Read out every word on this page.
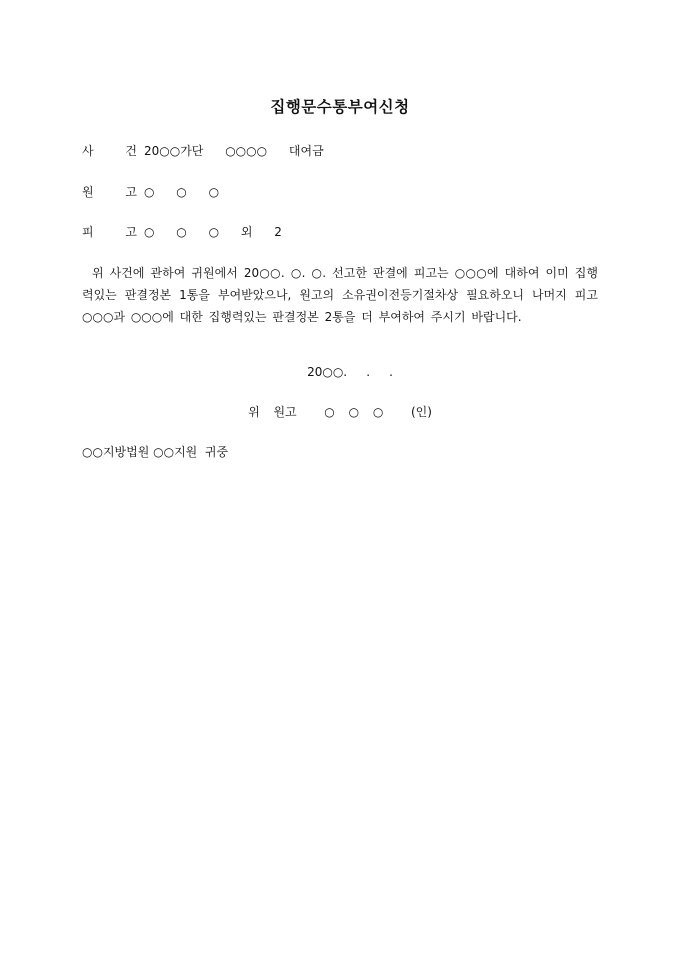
집행문수통부여신청
사 건
20○○가단 ○○○○ 대여금
원 고
○ ○ ○
피 고
○ ○ ○ 외 2

위 사건에 관하여 귀원에서 20○○. ○. ○. 선고한 판결에 피고는 ○○○에 대하여 이미 집행력있는 판결정본 1통을 부여받았으나, 원고의 소유권이전등기절차상 필요하오니 나머지 피고 ○○○과 ○○○에 대한 집행력있는 판결정본 2통을 더 부여하여 주시기 바랍니다.

20○○.     .     .
위 원고  ○ ○ ○  (인)
○○지방법원 ○○지원  귀중
